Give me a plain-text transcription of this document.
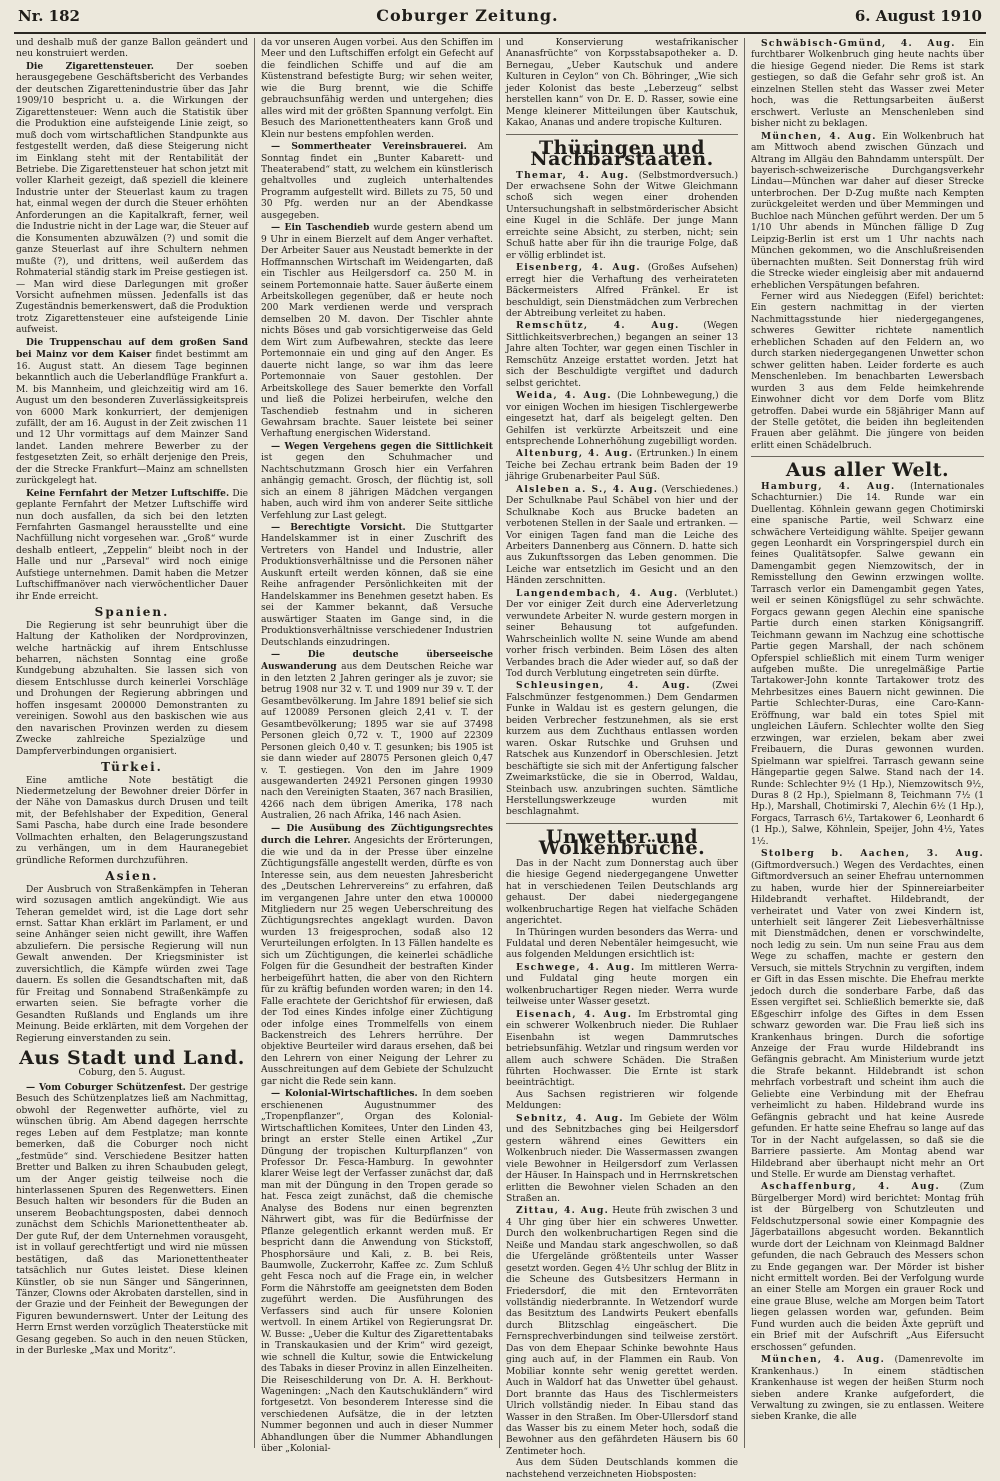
Nr. 182	Coburger Zeitung.	6. August 1910

und deshalb muß der ganze Ballon geändert und neu konstruiert werden.

Die Zigarettensteuer. Der soeben herausgegebene Geschäftsbericht des Verbandes der deutschen Zigarettenindustrie über das Jahr 1909/10 bespricht u. a. die Wirkungen der Zigarettensteuer: Wenn auch die Statistik über die Produktion eine aufsteigende Linie zeigt, so muß doch vom wirtschaftlichen Standpunkte aus festgestellt werden, daß diese Steigerung nicht im Einklang steht mit der Rentabilität der Betriebe. Die Zigarettensteuer hat schon jetzt mit voller Klarheit gezeigt, daß speziell die kleinere Industrie unter der Steuerlast kaum zu tragen hat, einmal wegen der durch die Steuer erhöhten Anforderungen an die Kapitalkraft, ferner, weil die Industrie nicht in der Lage war, die Steuer auf die Konsumenten abzuwälzen (?) und somit die ganze Steuerlast auf ihre Schultern nehmen mußte (?), und drittens, weil außerdem das Rohmaterial ständig stark im Preise gestiegen ist. — Man wird diese Darlegungen mit großer Vorsicht aufnehmen müssen. Jedenfalls ist das Zugeständnis bemerkenswert, daß die Produktion trotz Zigarettensteuer eine aufsteigende Linie aufweist.

Die Truppenschau auf dem großen Sand bei Mainz vor dem Kaiser findet bestimmt am 16. August statt. An diesem Tage beginnen bekanntlich auch die Ueberlandflüge Frankfurt a. M. bis Mannheim, und gleichzeitig wird am 16. August um den besonderen Zuverlässigkeitspreis von 6000 Mark konkurriert, der demjenigen zufällt, der am 16. August in der Zeit zwischen 11 und 12 Uhr vormittags auf dem Mainzer Sand landet. Landen mehrere Bewerber zu der festgesetzten Zeit, so erhält derjenige den Preis, der die Strecke Frankfurt—Mainz am schnellsten zurückgelegt hat.

Keine Fernfahrt der Metzer Luftschiffe. Die geplante Fernfahrt der Metzer Luftschiffe wird nun doch ausfallen, da sich bei den letzten Fernfahrten Gasmangel herausstellte und eine Nachfüllung nicht vorgesehen war. „Groß“ wurde deshalb entleert, „Zeppelin“ bleibt noch in der Halle und nur „Parseval“ wird noch einige Aufstiege unternehmen. Damit haben die Metzer Luftschiffmanöver nach vierwöchentlicher Dauer ihr Ende erreicht.

Spanien.

Die Regierung ist sehr beunruhigt über die Haltung der Katholiken der Nordprovinzen, welche hartnäckig auf ihrem Entschlusse beharren, nächsten Sonntag eine große Kundgebung abzuhalten. Sie lassen sich von diesem Entschlusse durch keinerlei Vorschläge und Drohungen der Regierung abbringen und hoffen insgesamt 200000 Demonstranten zu vereinigen. Sowohl aus den baskischen wie aus den navarischen Provinzen werden zu diesem Zwecke zahlreiche Spezialzüge und Dampferverbindungen organisiert.

Türkei.

Eine amtliche Note bestätigt die Niedermetzelung der Bewohner dreier Dörfer in der Nähe von Damaskus durch Drusen und teilt mit, der Befehlshaber der Expedition, General Sami Pascha, habe durch eine Irade besondere Vollmachten erhalten, den Belagerungszustand zu verhängen, um in dem Hauranegebiet gründliche Reformen durchzuführen.

Asien.

Der Ausbruch von Straßenkämpfen in Teheran wird sozusagen amtlich angekündigt. Wie aus Teheran gemeldet wird, ist die Lage dort sehr ernst. Sattar Khan erklärt im Parlament, er und seine Anhänger seien nicht gewillt, ihre Waffen abzuliefern. Die persische Regierung will nun Gewalt anwenden. Der Kriegsminister ist zuversichtlich, die Kämpfe würden zwei Tage dauern. Es sollen die Gesandtschaften mit, daß für Freitag und Sonnabend Straßenkämpfe zu erwarten seien. Sie befragte vorher die Gesandten Rußlands und Englands um ihre Meinung. Beide erklärten, mit dem Vorgehen der Regierung einverstanden zu sein.

Aus Stadt und Land.
Coburg, den 5. August.

— Vom Coburger Schützenfest. Der gestrige Besuch des Schützenplatzes ließ am Nachmittag, obwohl der Regenwetter aufhörte, viel zu wünschen übrig. Am Abend dagegen herrschte reges Leben auf dem Festplatze; man konnte bemerken, daß die Coburger noch nicht „festmüde“ sind. Verschiedene Besitzer hatten Bretter und Balken zu ihren Schaubuden gelegt, um der Anger geistig teilweise noch die hinterlassenen Spuren des Regenwetters. Einen Besuch halten wir besonders für die Buden an unserem Beobachtungsposten, dabei dennoch zunächst dem Schichls Marionettentheater ab. Der gute Ruf, der dem Unternehmen vorausgeht, ist in vollauf gerechtfertigt und wird nie müssen bestätigen, daß das Marionettentheater tatsächlich nur Gutes leistet. Diese kleinen Künstler, ob sie nun Sänger und Sängerinnen, Tänzer, Clowns oder Akrobaten darstellen, sind in der Grazie und der Feinheit der Bewegungen der Figuren bewundernswert. Unter der Leitung des Herrn Ernst werden vorzüglich Theaterstücke mit Gesang gegeben. So auch in den neuen Stücken, in der Burleske „Max und Moritz“.

da vor unseren Augen vorbei. Aus den Schiffen im Meer und den Luftschiffen erfolgt ein Gefecht auf die feindlichen Schiffe und auf die am Küstenstrand befestigte Burg; wir sehen weiter, wie die Burg brennt, wie die Schiffe gebrauchsunfähig werden und untergehen; dies alles wird mit der größten Spannung verfolgt. Ein Besuch des Marionettentheaters kann Groß und Klein nur bestens empfohlen werden.

— Sommertheater Vereinsbrauerei. Am Sonntag findet ein „Bunter Kabarett- und Theaterabend“ statt, zu welchem ein künstlerisch gehaltvolles und zugleich unterhaltendes Programm aufgestellt wird. Billets zu 75, 50 und 30 Pfg. werden nur an der Abendkasse ausgegeben.

— Ein Taschendieb wurde gestern abend um 9 Uhr in einem Bierzelt auf dem Anger verhaftet. Der Arbeiter Sauer aus Neustadt bemerkte in der Hoffmannschen Wirtschaft im Weidengarten, daß ein Tischler aus Heilgersdorf ca. 250 M. in seinem Portemonnaie hatte. Sauer äußerte einem Arbeitskollegen gegenüber, daß er heute noch 200 Mark verdienen werde und versprach demselben 20 M. davon. Der Tischler ahnte nichts Böses und gab vorsichtigerweise das Geld dem Wirt zum Aufbewahren, steckte das leere Portemonnaie ein und ging auf den Anger. Es dauerte nicht lange, so war ihm das leere Portemonnaie von Sauer gestohlen. Der Arbeitskollege des Sauer bemerkte den Vorfall und ließ die Polizei herbeirufen, welche den Taschendieb festnahm und in sicheren Gewahrsam brachte. Sauer leistete bei seiner Verhaftung energischen Widerstand.

— Wegen Vergehens gegen die Sittlichkeit ist gegen den Schuhmacher und Nachtschutzmann Grosch hier ein Verfahren anhängig gemacht. Grosch, der flüchtig ist, soll sich an einem 8 jährigen Mädchen vergangen haben, auch wird ihm von anderer Seite sittliche Verfehlung zur Last gelegt.

— Berechtigte Vorsicht. Die Stuttgarter Handelskammer ist in einer Zuschrift des Vertreters von Handel und Industrie, aller Produktionsverhältnisse und die Personen näher Auskunft erteilt werden können, daß sie eine Reihe anfragender Persönlichkeiten mit der Handelskammer ins Benehmen gesetzt haben. Es sei der Kammer bekannt, daß Versuche auswärtiger Staaten im Gange sind, in die Produktionsverhältnisse verschiedener Industrien Deutschlands einzudringen.

— Die deutsche überseeische Auswanderung aus dem Deutschen Reiche war in den letzten 2 Jahren geringer als je zuvor; sie betrug 1908 nur 32 v. T. und 1909 nur 39 v. T. der Gesamtbevölkerung. Im Jahre 1891 belief sie sich auf 120089 Personen gleich 2,41 v. T. der Gesamtbevölkerung; 1895 war sie auf 37498 Personen gleich 0,72 v. T., 1900 auf 22309 Personen gleich 0,40 v. T. gesunken; bis 1905 ist sie dann wieder auf 28075 Personen gleich 0,47 v. T. gestiegen. Von den im Jahre 1909 ausgewanderten 24921 Personen gingen 19930 nach den Vereinigten Staaten, 367 nach Brasilien, 4266 nach dem übrigen Amerika, 178 nach Australien, 26 nach Afrika, 146 nach Asien.

— Die Ausübung des Züchtigungsrechtes durch die Lehrer. Angesichts der Erörterungen, die wie und da in der Presse über einzelne Züchtigungsfälle angestellt werden, dürfte es von Interesse sein, aus dem neuesten Jahresbericht des „Deutschen Lehrervereins“ zu erfahren, daß im vergangenen Jahre unter den etwa 100000 Mitgliedern nur 25 wegen Ueberschreitung des Züchtigungsrechtes angeklagt wurden. Davon wurden 13 freigesprochen, sodaß also 12 Verurteilungen erfolgten. In 13 Fällen handelte es sich um Züchtigungen, die keinerlei schädliche Folgen für die Gesundheit der bestraften Kinder herbeigeführt hatten, die aber von den Richtern für zu kräftig befunden worden waren; in den 14. Falle erachtete der Gerichtshof für erwiesen, daß der Tod eines Kindes infolge einer Züchtigung oder infolge eines Trommelfells von einem Backenstreich des Lehrers herrühre. Der objektive Beurteiler wird daraus ersehen, daß bei den Lehrern von einer Neigung der Lehrer zu Ausschreitungen auf dem Gebiete der Schulzucht gar nicht die Rede sein kann.

— Kolonial-Wirtschaftliches. In dem soeben erschienenen Augustnummer des „Tropenpflanzer“, Organ des Kolonial-Wirtschaftlichen Komitees, Unter den Linden 43, bringt an erster Stelle einen Artikel „Zur Düngung der tropischen Kulturpflanzen“ von Professor Dr. Fesca-Hamburg. In gewohnter klarer Weise legt der Verfasser zunächst dar, daß man mit der Düngung in den Tropen gerade so hat. Fesca zeigt zunächst, daß die chemische Analyse des Bodens nur einen begrenzten Nährwert gibt, was für die Bedürfnisse der Pflanze gelegentlich erkannt werden muß. Er bespricht dann die Anwendung von Stickstoff, Phosphorsäure und Kali, z. B. bei Reis, Baumwolle, Zuckerrohr, Kaffee zc. Zum Schluß geht Fesca noch auf die Frage ein, in welcher Form die Nährstoffe am geeignetsten dem Boden zugeführt werden. Die Ausführungen des Verfassers sind auch für unsere Kolonien wertvoll. In einem Artikel von Regierungsrat Dr. W. Busse: „Ueber die Kultur des Zigarettentabaks in Transkaukasien und der Krim“ wird gezeigt, wie schnell die Kultur, sowie die Entwickelung des Tabaks in dieser Provinz in allen Einzelheiten. Die Reiseschilderung von Dr. A. H. Berkhout-Wageningen: „Nach den Kautschukländern“ wird fortgesetzt. Von besonderem Interesse sind die verschiedenen Aufsätze, die in der letzten Nummer begonnen und auch in dieser Nummer Abhandlungen über die Nummer Abhandlungen über „Kolonial-

und Konservierung westafrikanischer Ananasfrüchte“ von Korpsstabsapotheker a. D. Bernegau, „Ueber Kautschuk und andere Kulturen in Ceylon“ von Ch. Böhringer, „Wie sich jeder Kolonist das beste „Leberzeug“ selbst herstellen kann“ von Dr. E. D. Rasser, sowie eine Menge kleinerer Mitteilungen über Kautschuk, Kakao, Ananas und andere tropische Kulturen.

Thüringen und Nachbarstaaten.

Themar, 4. Aug. (Selbstmordversuch.) Der erwachsene Sohn der Witwe Gleichmann schoß sich wegen einer drohenden Untersuchungshaft in selbstmörderischer Absicht eine Kugel in die Schläfe. Der junge Mann erreichte seine Absicht, zu sterben, nicht; sein Schuß hatte aber für ihn die traurige Folge, daß er völlig erblindet ist.

Eisenberg, 4. Aug. (Großes Aufsehen) erregt hier die Verhaftung des verheirateten Bäckermeisters Alfred Fränkel. Er ist beschuldigt, sein Dienstmädchen zum Verbrechen der Abtreibung verleitet zu haben.

Remschütz, 4. Aug.	(Wegen Sittlichkeitsverbrechen,) begangen an seiner 13 Jahre alten Tochter, war gegen einen Tischler in Remschütz Anzeige erstattet worden. Jetzt hat sich der Beschuldigte vergiftet und dadurch selbst gerichtet.

Weida, 4. Aug. (Die Lohnbewegung,) die vor einigen Wochen im hiesigen Tischlergewerbe eingesetzt hat, darf als beigelegt gelten. Den Gehilfen ist verkürzte Arbeitszeit und eine entsprechende Lohnerhöhung zugebilligt worden.

Altenburg, 4. Aug. (Ertrunken.) In einem Teiche bei Zechau ertrank beim Baden der 19 jährige Grubenarbeiter Paul Süß.

Alsleben a. S., 4. Aug. (Verschiedenes.) Der Schulknabe Paul Schäbel von hier und der Schulknabe Koch aus Brucke badeten an verbotenen Stellen in der Saale und ertranken. — Vor einigen Tagen fand man die Leiche des Arbeiters Dannenberg aus Cönnern. D. hatte sich aus Zukunftssorgen das Leben genommen. Die Leiche war entsetzlich im Gesicht und an den Händen zerschnitten.

Langendembach, 4. Aug. (Verblutet.) Der vor einiger Zeit durch eine Aderverletzung verwundete Arbeiter N. wurde gestern morgen in seiner Behausung tot aufgefunden. Wahrscheinlich wollte N. seine Wunde am abend vorher frisch verbinden. Beim Lösen des alten Verbandes brach die Ader wieder auf, so daß der Tod durch Verblutung eingetreten sein dürfte.

Schleusingen, 4. Aug. (Zwei Falschmünzer festgenommen.) Dem Gendarmen Funke in Waldau ist es gestern gelungen, die beiden Verbrecher festzunehmen, als sie erst kurzem aus dem Zuchthaus entlassen worden waren. Oskar Rutschke und Gruhsen und Ratschek aus Kunzendorf in Oberschlesien. Jetzt beschäftigte sie sich mit der Anfertigung falscher Zweimarkstücke, die sie in Oberrod, Waldau, Steinbach usw. anzubringen suchten. Sämtliche Herstellungswerkzeuge wurden mit beschlagnahmt.

Unwetter und Wolkenbrüche.

Das in der Nacht zum Donnerstag auch über die hiesige Gegend niedergegangene Unwetter hat in verschiedenen Teilen Deutschlands arg gehaust. Der dabei niedergegangene wolkenbruchartige Regen hat vielfache Schäden angerichtet.

In Thüringen wurden besonders das Werra- und Fuldatal und deren Nebentäler heimgesucht, wie aus folgenden Meldungen ersichtlich ist:

Eschwege, 4. Aug. Im mittleren Werra- und Fuldatal ging heute morgen ein wolkenbruchartiger Regen nieder. Werra wurde teilweise unter Wasser gesetzt.

Eisenach, 4. Aug. Im Erbstromtal ging ein schwerer Wolkenbruch nieder. Die Ruhlaer Eisenbahn ist wegen Dammrutsches betriebsunfähig. Wetzlar und ringsum werden vor allem auch schwere Schäden. Die Straßen führten Hochwasser. Die Ernte ist stark beeinträchtigt.

Aus Sachsen registrieren wir folgende Meldungen:

Sebnitz, 4. Aug. Im Gebiete der Wölm und des Sebnitzbaches ging bei Heilgersdorf gestern während eines Gewitters ein Wolkenbruch nieder. Die Wassermassen zwangen viele Bewohner in Heilgersdorf zum Verlassen der Häuser. In Hainspach und in Herrnskretschen erlitten die Bewohner vielen Schaden an den Straßen an.

Zittau, 4. Aug. Heute früh zwischen 3 und 4 Uhr ging über hier ein schweres Unwetter. Durch den wolkenbruchartigen Regen sind die Neiße und Mandau stark angeschwollen, so daß die Ufergelände größtenteils unter Wasser gesetzt worden. Gegen 4½ Uhr schlug der Blitz in die Scheune des Gutsbesitzers Hermann in Friedersdorf, die mit den Erntevorräten vollständig niederbrannte. In Wetzendorf wurde das Besitztum des Landwirts Peukert ebenfalls durch Blitzschlag eingeäschert. Die Fernsprechverbindungen sind teilweise zerstört. Das von dem Ehepaar Schinke bewohnte Haus ging auch auf, in der Flammen ein Raub. Von Mobiliar konnte sehr wenig gerettet werden. Auch in Waldorf hat das Unwetter übel gehaust. Dort brannte das Haus des Tischlermeisters Ulrich vollständig nieder. In Eibau stand das Wasser in den Straßen. Im Ober-Ullersdorf stand das Wasser bis zu einem Meter hoch, sodaß die Bewohner aus den gefährdeten Häusern bis 60 Zentimeter hoch.

Aus dem Süden Deutschlands kommen die nachstehend verzeichneten Hiobsposten:

Schwäbisch-Gmünd, 4. Aug. Ein furchtbarer Wolkenbruch ging heute nachts über die hiesige Gegend nieder. Die Rems ist stark gestiegen, so daß die Gefahr sehr groß ist. An einzelnen Stellen steht das Wasser zwei Meter hoch, was die Rettungsarbeiten äußerst erschwert. Verluste an Menschenleben sind bisher nicht zu beklagen.

München, 4. Aug. Ein Wolkenbruch hat am Mittwoch abend zwischen Günzach und Altrang im Allgäu den Bahndamm unterspült. Der bayerisch-schweizerische Durchgangsverkehr Lindau—München war daher auf dieser Strecke unterbrochen. Der D-Zug mußte nach Kempten zurückgeleitet werden und über Memmingen und Buchloe nach München geführt werden. Der um 5 1/10 Uhr abends in München fällige D Zug Leipzig-Berlin ist erst um 1 Uhr nachts nach München gekommen, wo die Anschlußreisenden übernachten mußten. Seit Donnerstag früh wird die Strecke wieder eingleisig aber mit andauernd erheblichen Verspätungen befahren.

Ferner wird aus Niedeggen (Eifel) berichtet: Ein gestern nachmittag in der vierten Nachmittagsstunde hier niedergegangenes, schweres Gewitter richtete namentlich erheblichen Schaden auf den Feldern an, wo durch starken niedergegangenen Unwetter schon schwer gelitten haben. Leider forderte es auch Menschenleben. Im benachbarten Lewersbach wurden 3 aus dem Felde heimkehrende Einwohner dicht vor dem Dorfe vom Blitz getroffen. Dabei wurde ein 58jähriger Mann auf der Stelle getötet, die beiden ihn begleitenden Frauen aber gelähmt. Die jüngere von beiden erlitt einen Schädelbruch.

Aus aller Welt.

Hamburg, 4. Aug. (Internationales Schachturnier.) Die 14. Runde war ein Duellentag. Köhnlein gewann gegen Chotimirski eine spanische Partie, weil Schwarz eine schwächere Verteidigung wählte. Speijer gewann gegen Leonhardt ein Vorspringerspiel durch ein feines Qualitätsopfer. Salwe gewann ein Damengambit gegen Niemzowitsch, der in Remisstellung den Gewinn erzwingen wollte. Tarrasch verlor ein Damengambit gegen Yates, weil er seinen Königsflügel zu sehr schwächte. Forgacs gewann gegen Alechin eine spanische Partie durch einen starken Königsangriff. Teichmann gewann im Nachzug eine schottische Partie gegen Marshall, der nach schönem Opferspiel schließlich mit einem Turm weniger aufgeben mußte. Die unregelmäßige Partie Tartakower-John konnte Tartakower trotz des Mehrbesitzes eines Bauern nicht gewinnen. Die Partie Schlechter-Duras, eine Caro-Kann-Eröffnung, war bald ein totes Spiel mit ungleichen Läufern. Schlechter wollte den Sieg erzwingen, war erzielen, bekam aber zwei Freibauern, die Duras gewonnen wurden. Spielmann war spielfrei. Tarrasch gewann seine Hängepartie gegen Salwe. Stand nach der 14. Runde: Schlechter 9½ (1 Hp.), Niemzowitsch 9½, Duras 8 (2 Hp.), Spielmann 8, Teichmann 7½ (1 Hp.), Marshall, Chotimirski 7, Alechin 6½ (1 Hp.), Forgacs, Tarrasch 6½, Tartakower 6, Leonhardt 6 (1 Hp.), Salwe, Köhnlein, Speijer, John 4½, Yates 1½.

Stolberg b. Aachen, 3. Aug. (Giftmordversuch.) Wegen des Verdachtes, einen Giftmordversuch an seiner Ehefrau unternommen zu haben, wurde hier der Spinnereiarbeiter Hildebrandt verhaftet. Hildebrandt, der verheiratet und Vater von zwei Kindern ist, unterhielt seit längerer Zeit Liebesverhältnisse mit Dienstmädchen, denen er vorschwindelte, noch ledig zu sein. Um nun seine Frau aus dem Wege zu schaffen, machte er gestern den Versuch, sie mittels Strychnin zu vergiften, indem er Gift in das Essen mischte. Die Ehefrau merkte jedoch durch die sonderbare Farbe, daß das Essen vergiftet sei. Schließlich bemerkte sie, daß Eßgeschirr infolge des Giftes in dem Essen schwarz geworden war. Die Frau ließ sich ins Krankenhaus bringen. Durch die sofortige Anzeige der Frau wurde Hildebrandt ins Gefängnis gebracht. Am Ministerium wurde jetzt die Strafe bekannt. Hildebrandt ist schon mehrfach vorbestraft und scheint ihm auch die Geliebte eine Verbindung mit der Ehefrau verheimlicht zu haben. Hildebrand wurde ins Gefängnis gebracht und hat keine Ausrede gefunden. Er hatte seine Ehefrau so lange auf das Tor in der Nacht aufgelassen, so daß sie die Barriere passierte. Am Montag abend war Hildebrand aber überhaupt nicht mehr an Ort und Stelle. Er wurde am Dienstag verhaftet.

Aschaffenburg, 4. Aug. (Zum Bürgelberger Mord) wird berichtet: Montag früh ist der Bürgelberg von Schutzleuten und Feldschutzpersonal sowie einer Kompagnie des Jägerbataillons abgesucht worden. Bekanntlich wurde dort der Leichnam von Kleinmagd Baldner gefunden, die nach Gebrauch des Messers schon zu Ende gegangen war. Der Mörder ist bisher nicht ermittelt worden. Bei der Verfolgung wurde an einer Stelle am Morgen ein grauer Rock und eine graue Bluse, welche am Morgen beim Tatort liegen gelassen worden war, gefunden. Beim Fund wurden auch die beiden Äxte geprüft und ein Brief mit der Aufschrift „Aus Eifersucht erschossen“ gefunden.

München, 4. Aug. (Damenrevolte im Krankenhaus.) In einem städtischen Krankenhause ist wegen der heißen Sturm noch sieben andere Kranke aufgefordert, die Verwaltung zu zwingen, sie zu entlassen. Weitere sieben Kranke, die alle
